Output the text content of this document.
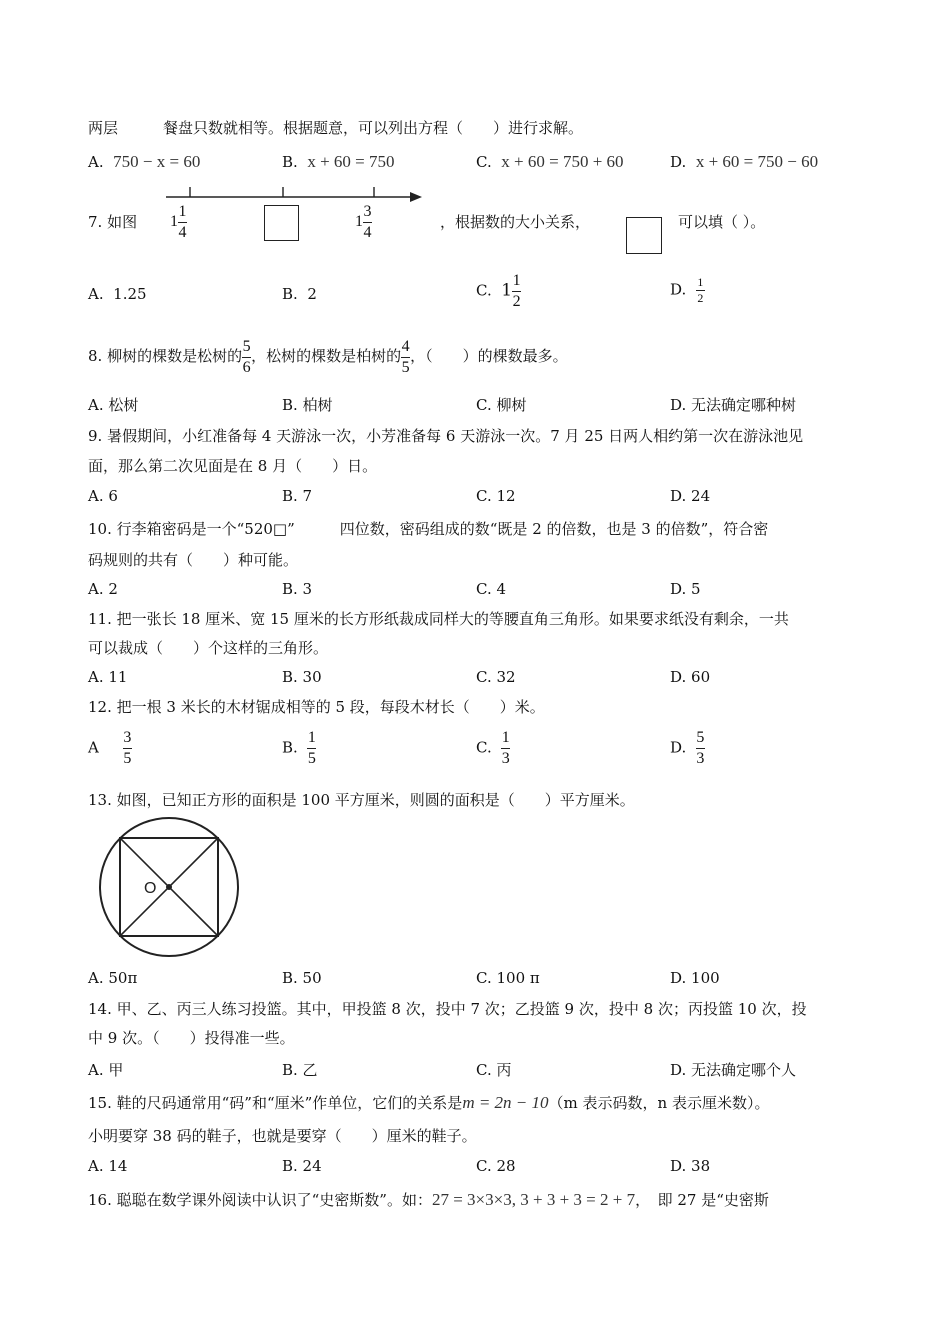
两层　　　餐盘只数就相等。根据题意，可以列出方程（　　）进行求解。
A. 750 − x = 60	B. x + 60 = 750	C. x + 60 = 750 + 60	D. x + 60 = 750 − 60
7. 如图 $1 \frac{1}{4}$	$1 \frac{3}{4}$	，根据数的大小关系，	可以填（ ）。
A. 1.25	B. 2	C. $1 \frac{1}{2}$	D. $\frac{1}{2}$
8. 柳树的棵数是松树的 $\frac{5}{6}$ ，松树的棵数是柏树的 $\frac{4}{5}$ ，（　　）的棵数最多。
A. 松树	B. 柏树	C. 柳树	D. 无法确定哪种树
9. 暑假期间，小红准备每 4 天游泳一次，小芳准备每 6 天游泳一次。7 月 25 日两人相约第一次在游泳池见
面，那么第二次见面是在 8 月（　　）日。
A. 6	B. 7	C. 12	D. 24
10. 行李箱密码是一个“520□”　　　四位数，密码组成的数“既是 2 的倍数，也是 3 的倍数”，符合密
码规则的共有（　　）种可能。
A. 2	B. 3	C. 4	D. 5
11. 把一张长 18 厘米、宽 15 厘米的长方形纸裁成同样大的等腰直角三角形。如果要求纸没有剩余，一共
可以裁成（　　）个这样的三角形。
A. 11	B. 30	C. 32	D. 60
12. 把一根 3 米长的木材锯成相等的 5 段，每段木材长（　　）米。
A $\frac{3}{5}$	B. $\frac{1}{5}$	C. $\frac{1}{3}$	D. $\frac{5}{3}$
13. 如图，已知正方形的面积是 100 平方厘米，则圆的面积是（　　）平方厘米。
O
A. 50π	B. 50	C. 100 π	D. 100
14. 甲、乙、丙三人练习投篮。其中，甲投篮 8 次，投中 7 次；乙投篮 9 次，投中 8 次；丙投篮 10 次，投
中 9 次。（　　）投得准一些。
A. 甲	B. 乙	C. 丙	D. 无法确定哪个人
15. 鞋的尺码通常用“码”和“厘米”作单位，它们的关系是m = 2n − 10（m 表示码数，n 表示厘米数）。
小明要穿 38 码的鞋子，也就是要穿（　　）厘米的鞋子。
A. 14	B. 24	C. 28	D. 38
16. 聪聪在数学课外阅读中认识了“史密斯数”。如：27 = 3×3×3, 3 + 3 + 3 = 2 + 7，　即 27 是“史密斯
